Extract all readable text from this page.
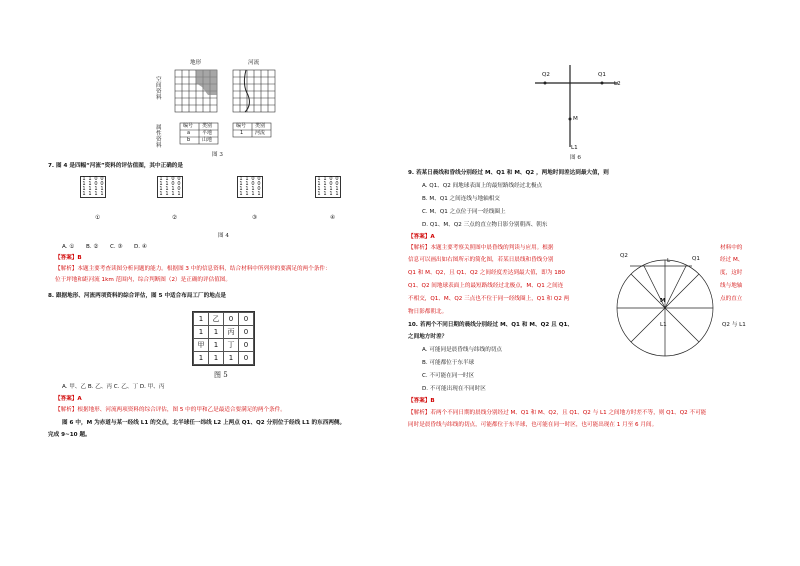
地形	河流
空间资料
属性资料
编号 类别
a 平地
b 山地
编号 类别
1 河流
图 3
7. 图 4 是四幅“河流”资料的评估值图，其中正确的是
1	1	0	0
1	1	0	0
1	1	1	1
1	1	1	1
1	1	0	0
1	1	0	0
1	1	1	0
1	1	1	1
1	1	0	0
1	1	0	0
1	1	1	0
1	1	1	1
1	1	0	0
1	1	0	0
1	1	1	1
1	1	1	1
①	②	③	④
图 4
A. ① B. ② C. ③ D. ④
【答案】B
【解析】本题主要考查读图分析问题的能力。根据图 3 中的信息资料，结合材料中所列举的要满足的两个条件：
位于坪地和距河流 1km 范围内，综合判断图（2）是正确的评估值图。
8. 跟据地形、河流两项资料的综合评估，图 5 中适合布局工厂的地点是
1	乙	0	0
1	1	丙	0
甲	1	丁	0
1	1	1	0
图 5
A. 甲、乙 B. 乙、丙 C. 乙、丁 D. 甲、丙
【答案】A
【解析】根据地形、河流两项资料的综合评估，图 5 中的甲和乙是最适合要满足的两个条件。
图 6 中，M 为赤道与某一经线 L1 的交点，北半球任一纬线 L2 上两点 Q1、Q2 分别位于经线 L1 的东西两侧。
完成 9~10 题。
Q2	Q1
L2
M
L1
图 6
9. 若某日晨线和昏线分别经过 M、Q1 和 M、Q2 ，两地时间差达到最大值，则
A. Q1、Q2 间地球表面上的最短路线经过北极点
B. M、Q1 之间连线与地轴相交
C. M、Q1 之点位于同一经线圈上
D. Q1、M、Q2 三点的直立物日影分别朝西、朝东
【答案】A
【解析】本题主要考察关照图中晨昏线的判读与应用。根据
信息可以画出如右图所示的简化图，若某日晨线和昏线分别
Q1 和 M、Q2，且 Q1、Q2 之间经度差达到最大值，即为 180
Q1、Q2 间地球表面上的最短路线经过北极点，M、Q1 之间连
不相交，Q1、M、Q2 三点也不位于同一经线圈上，Q1 和 Q2 两
物日影都朝北。
材料中的
经过 M、
度，这时
线与地轴
点的直立
Q2
L	Q1
M
L1	Q2 与 L1
10. 若两个不同日期的晨线分别经过 M、Q1 和 M、Q2 且 Q1、
之间地方时差？
A. 可能同是晨昏线与纬线的切点
B. 可能都位于东半球
C. 不可能在同一时区
D. 不可能出现在不同时区
【答案】B
【解析】若两个不同日期的晨线分别经过 M、Q1 和 M、Q2，且 Q1、Q2 与 L1 之间地方时差不等，则 Q1、Q2 不可能
同时是晨昏线与纬线的切点，可能都位于东半球，也可能在同一时区，也可能出现在 1 月至 6 月间。
